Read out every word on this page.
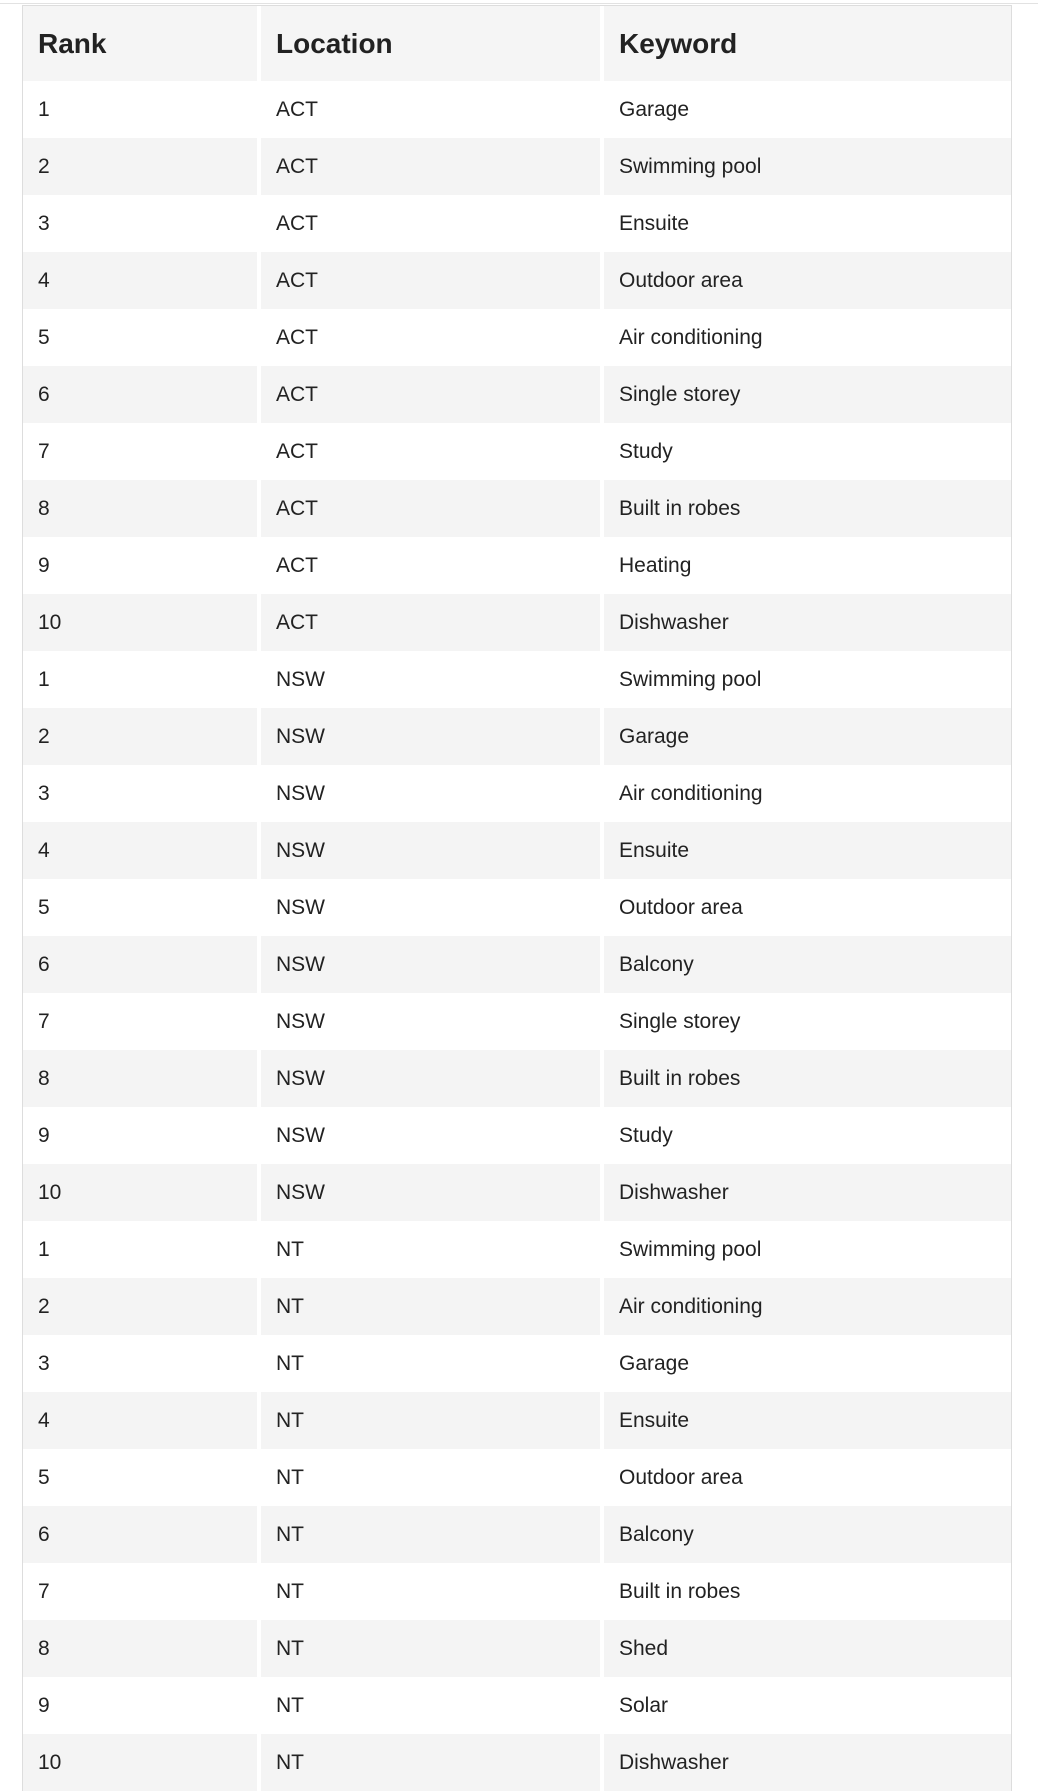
Rank	Location	Keyword
1	ACT	Garage
2	ACT	Swimming pool
3	ACT	Ensuite
4	ACT	Outdoor area
5	ACT	Air conditioning
6	ACT	Single storey
7	ACT	Study
8	ACT	Built in robes
9	ACT	Heating
10	ACT	Dishwasher
1	NSW	Swimming pool
2	NSW	Garage
3	NSW	Air conditioning
4	NSW	Ensuite
5	NSW	Outdoor area
6	NSW	Balcony
7	NSW	Single storey
8	NSW	Built in robes
9	NSW	Study
10	NSW	Dishwasher
1	NT	Swimming pool
2	NT	Air conditioning
3	NT	Garage
4	NT	Ensuite
5	NT	Outdoor area
6	NT	Balcony
7	NT	Built in robes
8	NT	Shed
9	NT	Solar
10	NT	Dishwasher
